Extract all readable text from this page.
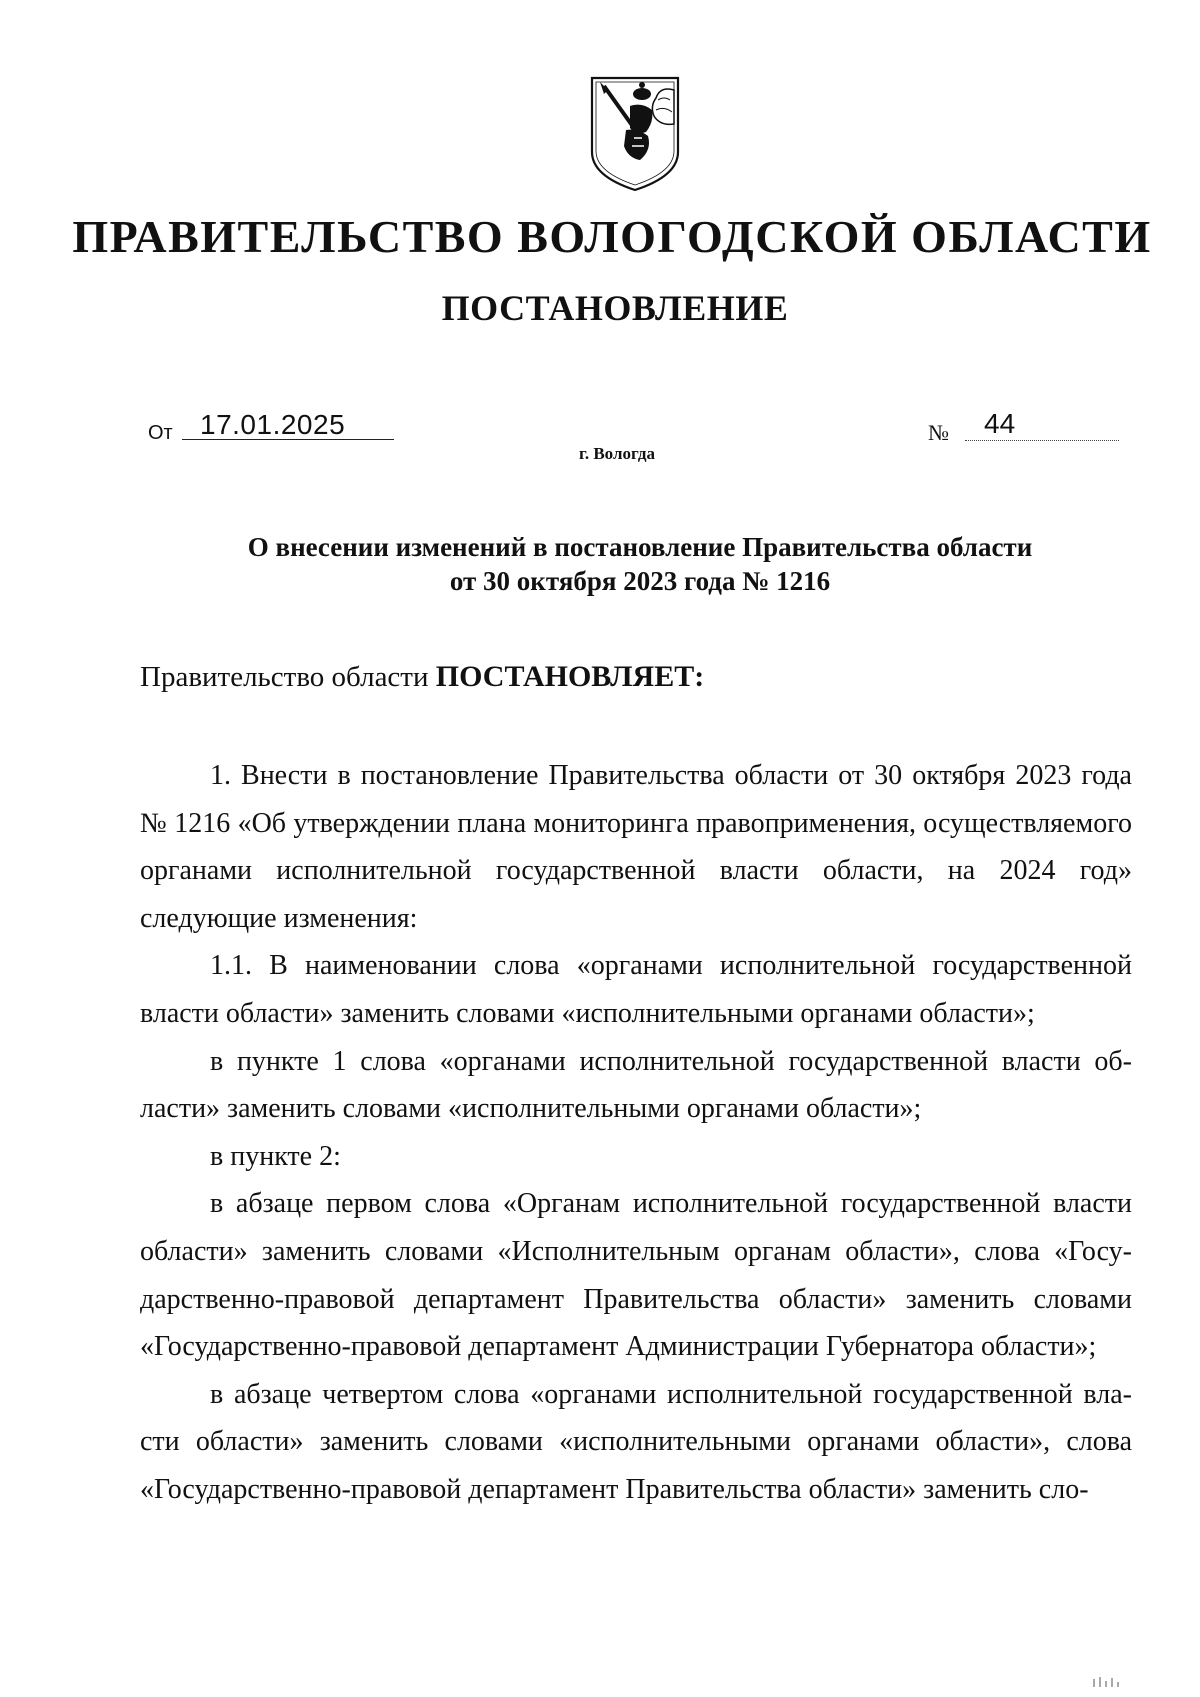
ПРАВИТЕЛЬСТВО ВОЛОГОДСКОЙ ОБЛАСТИ
ПОСТАНОВЛЕНИЕ
От 17.01.2025	№ 44
г. Вологда
О внесении изменений в постановление Правительства области
от 30 октября 2023 года № 1216
Правительство области ПОСТАНОВЛЯЕТ:

1. Внести в постановление Правительства области от 30 октября 2023 года № 1216 «Об утверждении плана мониторинга правоприменения, осуществляемого органами исполнительной государственной власти области, на 2024 год» следующие изменения:

1.1. В наименовании слова «органами исполнительной государственной власти области» заменить словами «исполнительными органами области»;

в пункте 1 слова «органами исполнительной государственной власти области» заменить словами «исполнительными органами области»;

в пункте 2:

в абзаце первом слова «Органам исполнительной государственной власти области» заменить словами «Исполнительным органам области», слова «Государственно-правовой департамент Правительства области» заменить словами «Государственно-правовой департамент Администрации Губернатора области»;

в абзаце четвертом слова «органами исполнительной государственной власти области» заменить словами «исполнительными органами области», слова «Государственно-правовой департамент Правительства области» заменить сло-
